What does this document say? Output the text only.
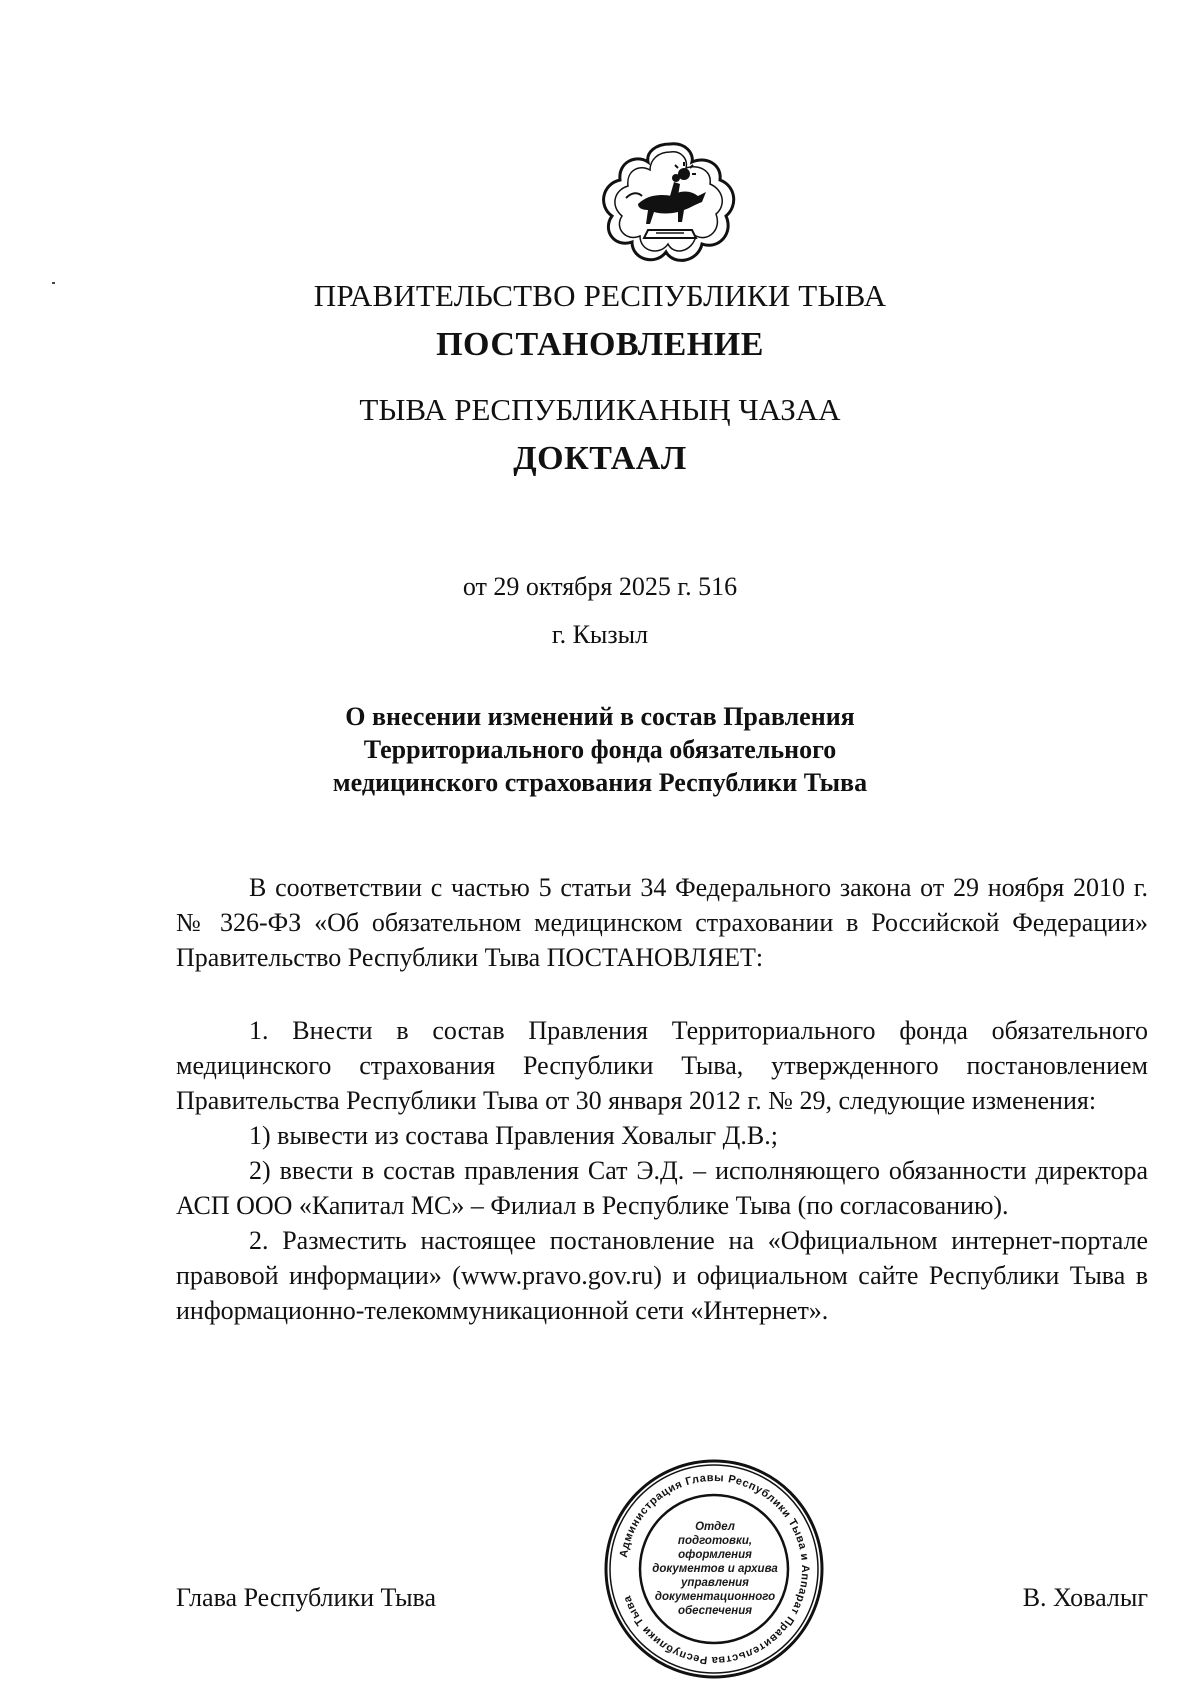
ПРАВИТЕЛЬСТВО РЕСПУБЛИКИ ТЫВА
ПОСТАНОВЛЕНИЕ
ТЫВА РЕСПУБЛИКАНЫҢ ЧАЗАА
ДОКТААЛ
от 29 октября 2025 г. 516
г. Кызыл
О внесении изменений в состав Правления
Территориального фонда обязательного
медицинского страхования Республики Тыва

В соответствии с частью 5 статьи 34 Федерального закона от 29 ноября 2010 г. № 326-ФЗ «Об обязательном медицинском страховании в Российской Федерации» Правительство Республики Тыва ПОСТАНОВЛЯЕТ:

1. Внести в состав Правления Территориального фонда обязательного медицинского страхования Республики Тыва, утвержденного постановлением Правительства Республики Тыва от 30 января 2012 г. № 29, следующие изменения:

1) вывести из состава Правления Ховалыг Д.В.;

2) ввести в состав правления Сат Э.Д. – исполняющего обязанности директора АСП ООО «Капитал МС» – Филиал в Республике Тыва (по согласованию).

2. Разместить настоящее постановление на «Официальном интернет-портале правовой информации» (www.pravo.gov.ru) и официальном сайте Республики Тыва в информационно-телекоммуникационной сети «Интернет».

Глава Республики Тыва	В. Ховалыг
Администрация Главы Республики Тыва и Аппарат Правительства Республики Тыва
Отдел
подготовки,
оформления
документов и архива
управления
документационного
обеспечения
